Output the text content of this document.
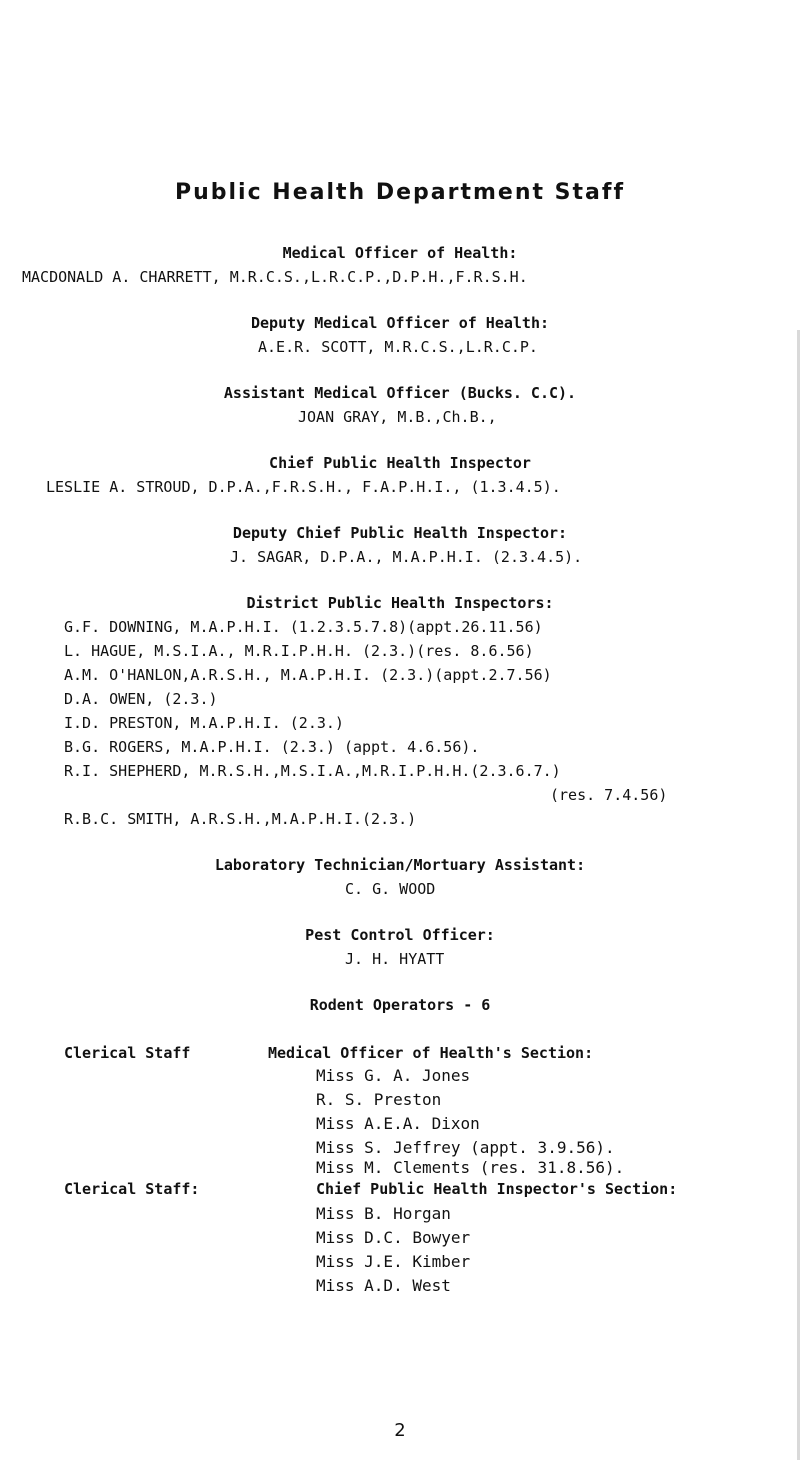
Public Health Department Staff

Medical Officer of Health:

MACDONALD A. CHARRETT, M.R.C.S.,L.R.C.P.,D.P.H.,F.R.S.H.

Deputy Medical Officer of Health:

A.E.R. SCOTT, M.R.C.S.,L.R.C.P.

Assistant Medical Officer (Bucks. C.C).

JOAN GRAY, M.B.,Ch.B.,

Chief Public Health Inspector

LESLIE A. STROUD, D.P.A.,F.R.S.H., F.A.P.H.I., (1.3.4.5).

Deputy Chief Public Health Inspector:

J. SAGAR, D.P.A., M.A.P.H.I. (2.3.4.5).

District Public Health Inspectors:

G.F. DOWNING, M.A.P.H.I. (1.2.3.5.7.8)(appt.26.11.56)

L. HAGUE, M.S.I.A., M.R.I.P.H.H. (2.3.)(res. 8.6.56)

A.M. O'HANLON,A.R.S.H., M.A.P.H.I. (2.3.)(appt.2.7.56)

D.A. OWEN, (2.3.)

I.D. PRESTON, M.A.P.H.I. (2.3.)

B.G. ROGERS, M.A.P.H.I. (2.3.) (appt. 4.6.56).

R.I. SHEPHERD, M.R.S.H.,M.S.I.A.,M.R.I.P.H.H.(2.3.6.7.)

(res. 7.4.56)

R.B.C. SMITH, A.R.S.H.,M.A.P.H.I.(2.3.)

Laboratory Technician/Mortuary Assistant:

C. G. WOOD

Pest Control Officer:

J. H. HYATT

Rodent Operators - 6

Clerical Staff	Medical Officer of Health's Section:

Miss G. A. Jones

R. S. Preston

Miss A.E.A. Dixon

Miss S. Jeffrey (appt. 3.9.56).

Miss M. Clements (res. 31.8.56).

Clerical Staff:	Chief Public Health Inspector's Section:

Miss B. Horgan

Miss D.C. Bowyer

Miss J.E. Kimber

Miss A.D. West

2
